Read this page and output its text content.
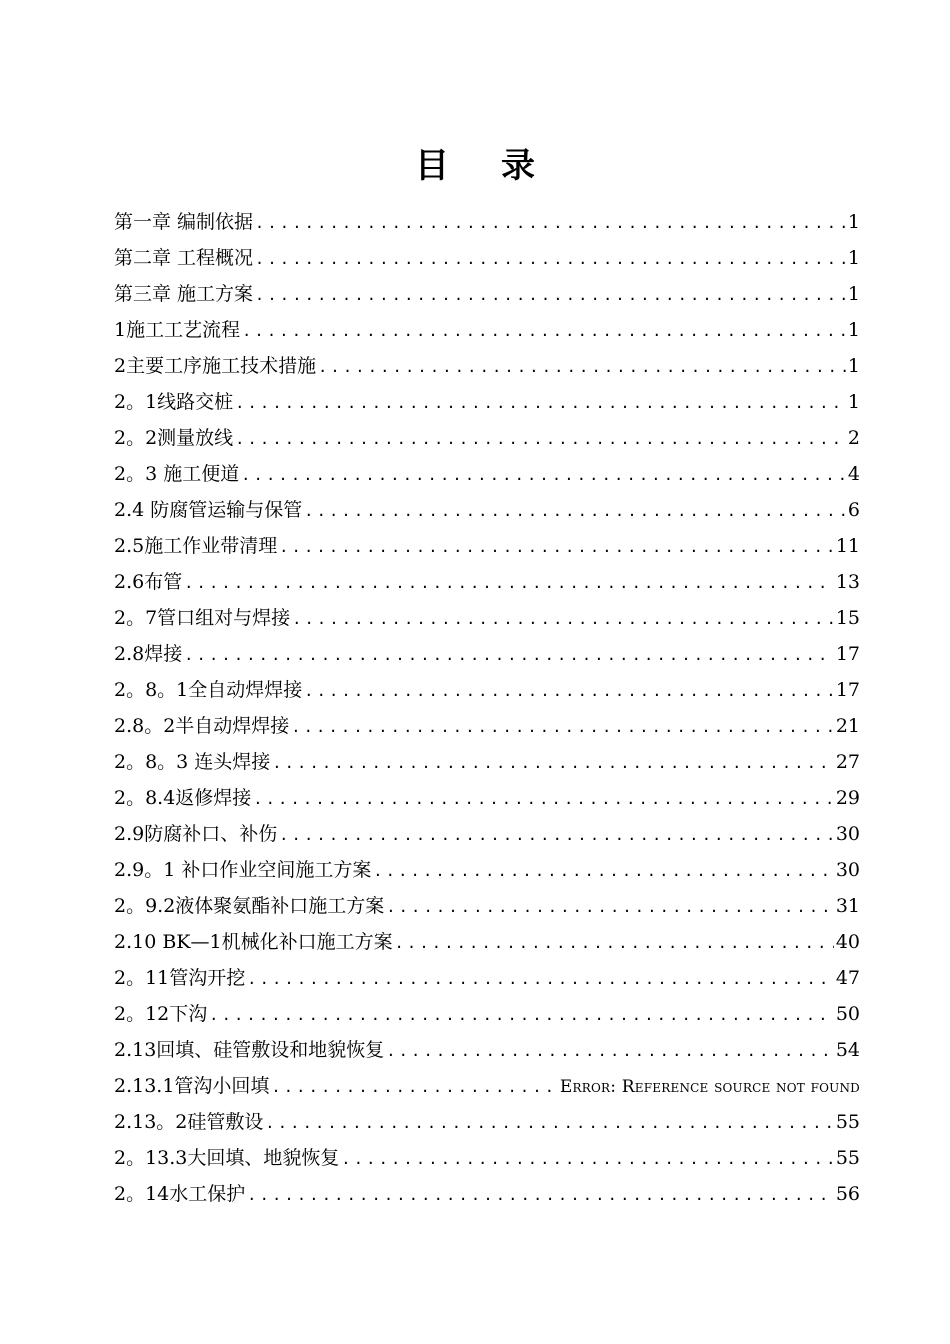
目录
第一章 编制依据 .....	1
第二章 工程概况 .....	1
第三章 施工方案 .....	1
1施工工艺流程 .....	1
2主要工序施工技术措施 .....	1
2。1线路交桩 .....	1
2。2测量放线 .....	2
2。3 施工便道 .....	4
2.4 防腐管运输与保管 .....	6
2.5施工作业带清理 .....	11
2.6布管 .....	13
2。7管口组对与焊接 .....	15
2.8焊接 .....	17
2。8。1全自动焊焊接 .....	17
2.8。2半自动焊焊接 .....	21
2。8。3 连头焊接 .....	27
2。8.4返修焊接 .....	29
2.9防腐补口、补伤 .....	30
2.9。1 补口作业空间施工方案 .....	30
2。9.2液体聚氨酯补口施工方案 .....	31
2.10 BK—1机械化补口施工方案 .....	40
2。11管沟开挖 .....	47
2。12下沟 .....	50
2.13回填、硅管敷设和地貌恢复 .....	54
2.13.1管沟小回填 .....	Error: Reference source not found
2.13。2硅管敷设 .....	55
2。13.3大回填、地貌恢复 .....	55
2。14水工保护 .....	56
